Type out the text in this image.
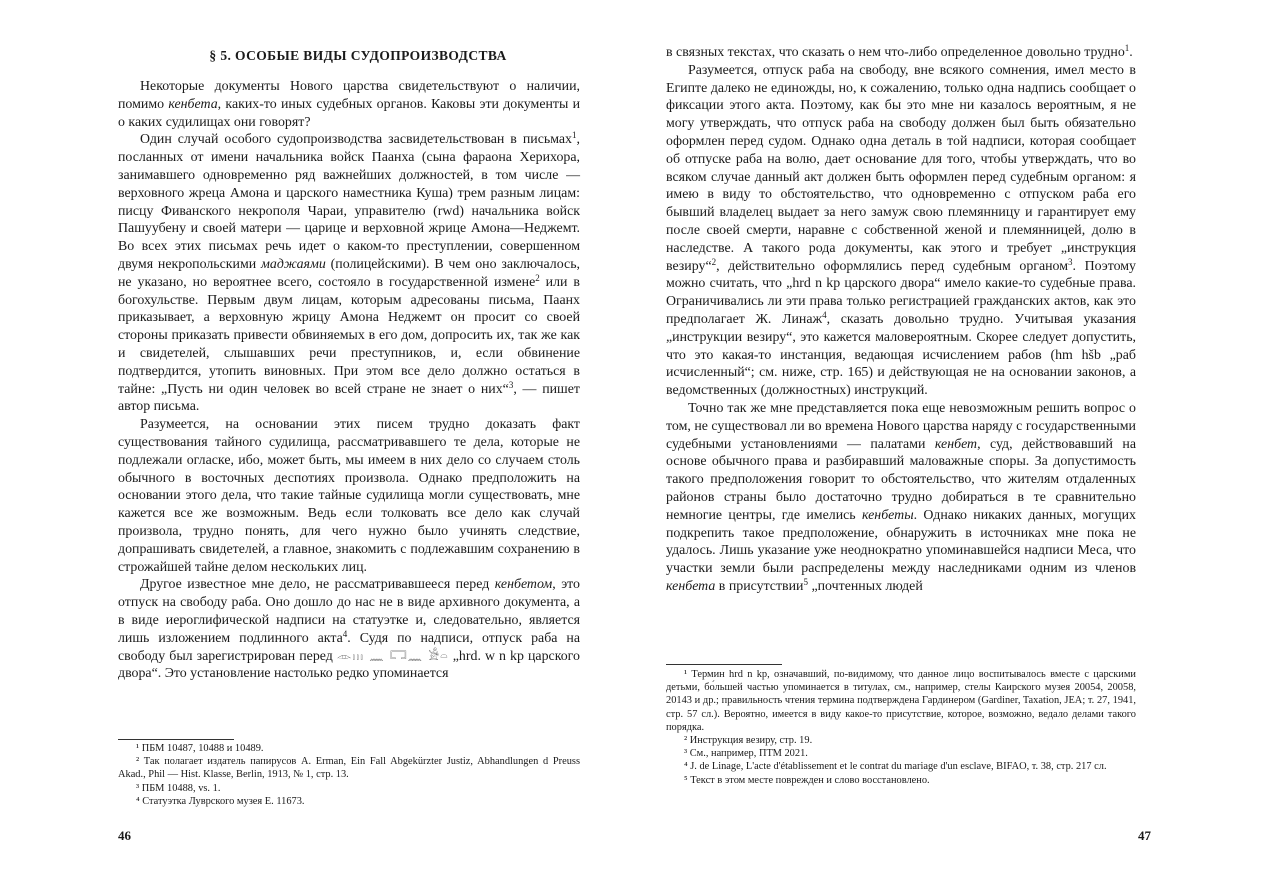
§ 5. ОСОБЫЕ ВИДЫ СУДОПРОИЗВОДСТВА

Некоторые документы Нового царства свидетельствуют о наличии, помимо кенбета, каких-то иных судебных органов. Каковы эти документы и о каких судилищах они говорят?

Один случай особого судопроизводства засвидетельствован в письмах$^1$, посланных от имени начальника войск Паанха (сына фараона Херихора, занимавшего одновременно ряд важнейших должностей, в том числе — верховного жреца Амона и царского наместника Куша) трем разным лицам: писцу Фиванского некрополя Чараи, управителю (rwd) начальника войск Пашуубену и своей матери — царице и верховной жрице Амона—Неджемт. Во всех этих письмах речь идет о каком-то преступлении, совершенном двумя некропольскими маджаями (полицейскими). В чем оно заключалось, не указано, но вероятнее всего, состояло в государственной измене$^2$ или в богохульстве. Первым двум лицам, которым адресованы письма, Паанх приказывает, а верховную жрицу Амона Неджемт он просит со своей стороны приказать привести обвиняемых в его дом, допросить их, так же как и свидетелей, слышавших речи преступников, и, если обвинение подтвердится, утопить виновных. При этом все дело должно остаться в тайне: „Пусть ни один человек во всей стране не знает о них“$^3$, — пишет автор письма.

Разумеется, на основании этих писем трудно доказать факт существования тайного судилища, рассматривавшего те дела, которые не подлежали огласке, ибо, может быть, мы имеем в них дело со случаем столь обычного в восточных деспотиях произвола. Однако предположить на основании этого дела, что такие тайные судилища могли существовать, мне кажется все же возможным. Ведь если толковать все дело как случай произвола, трудно понять, для чего нужно было учинять следствие, допрашивать свидетелей, а главное, знакомить с подлежавшим сохранению в строжайшей тайне делом нескольких лиц.

Другое известное мне дело, не рассматривавшееся перед кенбетом, это отпуск на свободу раба. Оно дошло до нас не в виде архивного документа, а в виде иероглифической надписи на статуэтке и, следовательно, является лишь изложением подлинного акта$^4$. Судя по надписи, отпуск раба на свободу был зарегистрирован перед 𓁹𓏥 𓈖 𓉐𓈖 𓀀𓏏 „hrd. w n kp царского двора“. Это установление настолько редко упоминается

¹ ПБМ 10487, 10488 и 10489.

² Так полагает издатель папирусов A. Erman, Ein Fall Abgekürzter Justiz, Abhandlungen d Preuss Akad., Phil — Hist. Klasse, Berlin, 1913, № 1, стр. 13.

³ ПБМ 10488, vs. 1.

⁴ Статуэтка Луврского музея Е. 11673.

46

в связных текстах, что сказать о нем что-либо определенное довольно трудно$^1$.

Разумеется, отпуск раба на свободу, вне всякого сомнения, имел место в Египте далеко не единожды, но, к сожалению, только одна надпись сообщает о фиксации этого акта. Поэтому, как бы это мне ни казалось вероятным, я не могу утверждать, что отпуск раба на свободу должен был быть обязательно оформлен перед судом. Однако одна деталь в той надписи, которая сообщает об отпуске раба на волю, дает основание для того, чтобы утверждать, что во всяком случае данный акт должен быть оформлен перед судебным органом: я имею в виду то обстоятельство, что одновременно с отпуском раба его бывший владелец выдает за него замуж свою племянницу и гарантирует ему после своей смерти, наравне с собственной женой и племянницей, долю в наследстве. А такого рода документы, как этого и требует „инструкция везиру“$^2$, действительно оформлялись перед судебным органом$^3$. Поэтому можно считать, что „hrd n kp царского двора“ имело какие-то судебные права. Ограничивались ли эти права только регистрацией гражданских актов, как это предполагает Ж. Линаж$^4$, сказать довольно трудно. Учитывая указания „инструкции везиру“, это кажется маловероятным. Скорее следует допустить, что это какая-то инстанция, ведающая исчислением рабов (hm hšb „раб исчисленный“; см. ниже, стр. 165) и действующая не на основании законов, а ведомственных (должностных) инструкций.

Точно так же мне представляется пока еще невозможным решить вопрос о том, не существовал ли во времена Нового царства наряду с государственными судебными установлениями — палатами кенбет, суд, действовавший на основе обычного права и разбиравший маловажные споры. За допустимость такого предположения говорит то обстоятельство, что жителям отдаленных районов страны было достаточно трудно добираться в те сравнительно немногие центры, где имелись кенбеты. Однако никаких данных, могущих подкрепить такое предположение, обнаружить в источниках мне пока не удалось. Лишь указание уже неоднократно упоминавшейся надписи Меса, что участки земли были распределены между наследниками одним из членов кенбета в присутствии$^5$ „почтенных людей

¹ Термин hrd n kp, означавший, по-видимому, что данное лицо воспитывалось вместе с царскими детьми, бо́льшей частью упоминается в титулах, см., например, стелы Каирского музея 20054, 20058, 20143 и др.; правильность чтения термина подтверждена Гардинером (Gardiner, Taxation, JEA; т. 27, 1941, стр. 57 сл.). Вероятно, имеется в виду какое-то присутствие, которое, возможно, ведало делами такого порядка.

² Инструкция везиру, стр. 19.

³ См., например, ПТМ 2021.

⁴ J. de Linage, L'acte d'établissement et le contrat du mariage d'un esclave, BIFAO, т. 38, стр. 217 сл.

⁵ Текст в этом месте поврежден и слово восстановлено.

47
